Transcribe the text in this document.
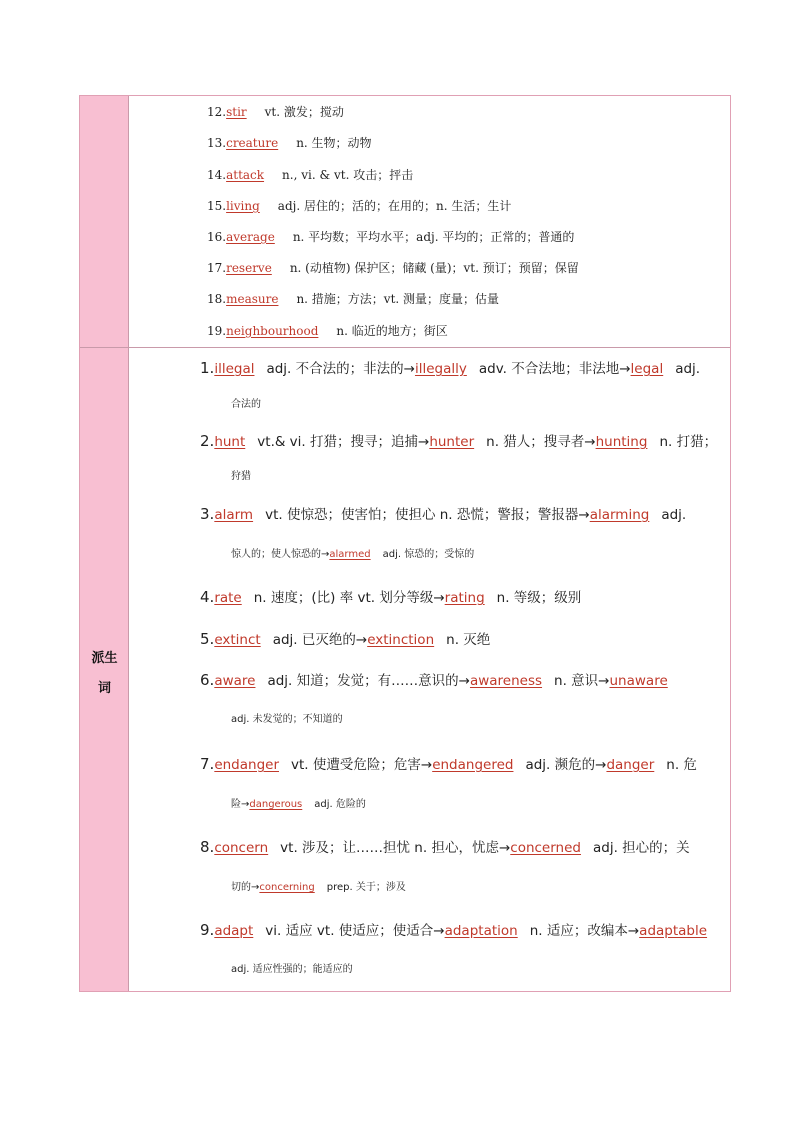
派生
词
12.stir vt. 激发；搅动
13.creature n. 生物；动物
14.attack n., vi. & vt. 攻击；抨击
15.living adj. 居住的；活的；在用的；n. 生活；生计
16.average n. 平均数；平均水平；adj. 平均的；正常的；普通的
17.reserve n. (动植物) 保护区；储藏 (量)；vt. 预订；预留；保留
18.measure n. 措施；方法；vt. 测量；度量；估量
19.neighbourhood n. 临近的地方；街区
1.illegal adj. 不合法的；非法的→illegally adv. 不合法地；非法地→legal adj.
合法的
2.hunt vt.& vi. 打猎；搜寻；追捕→hunter n. 猎人；搜寻者→hunting n. 打猎；
狩猎
3.alarm vt. 使惊恐；使害怕；使担心 n. 恐慌；警报；警报器→alarming adj.
惊人的；使人惊恐的→alarmed adj. 惊恐的；受惊的
4.rate n. 速度；(比) 率 vt. 划分等级→rating n. 等级；级别
5.extinct adj. 已灭绝的→extinction n. 灭绝
6.aware adj. 知道；发觉；有……意识的→awareness n. 意识→unaware
adj. 未发觉的；不知道的
7.endanger vt. 使遭受危险；危害→endangered adj. 濒危的→danger n. 危
险→dangerous adj. 危险的
8.concern vt. 涉及；让……担忧 n. 担心，忧虑→concerned adj. 担心的；关
切的→concerning prep. 关于；涉及
9.adapt vi. 适应 vt. 使适应；使适合→adaptation n. 适应；改编本→adaptable
adj. 适应性强的；能适应的
